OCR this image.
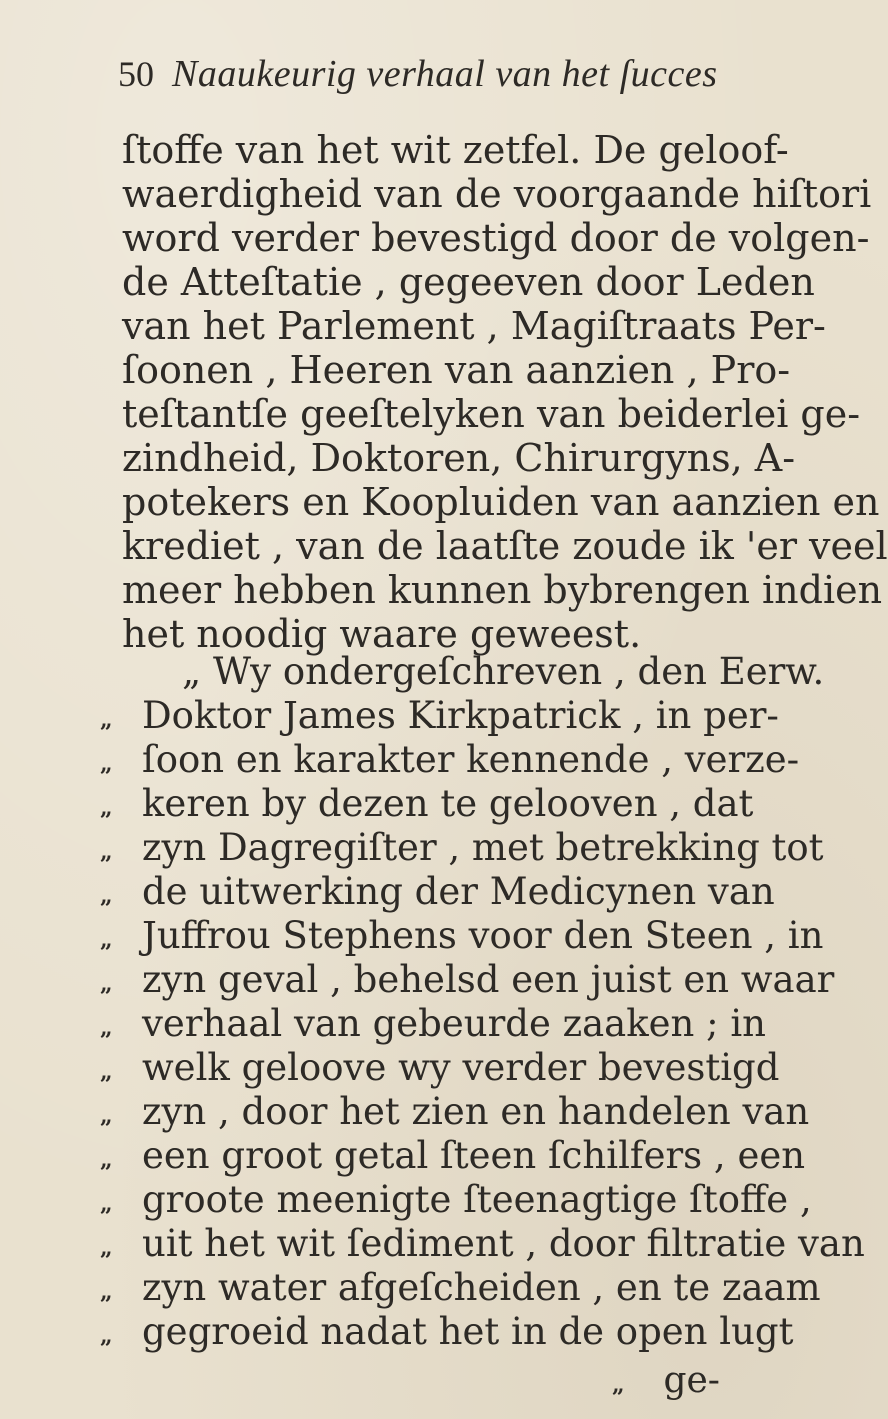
50 Naaukeurig verhaal van het ſucces
ſtoffe van het wit zetfel. De geloof-
waerdigheid van de voorgaande hiſtori
word verder bevestigd door de volgen-
de Atteſtatie , gegeeven door Leden
van het Parlement , Magiſtraats Per-
ſoonen , Heeren van aanzien , Pro-
teſtantſe geeſtelyken van beiderlei ge-
zindheid, Doktoren, Chirurgyns, A-
potekers en Koopluiden van aanzien en
krediet , van de laatſte zoude ik 'er veel
meer hebben kunnen bybrengen indien
het noodig waare geweest.
„ Wy ondergeſchreven , den Eerw.
„ Doktor James Kirkpatrick , in per-
„ ſoon en karakter kennende , verze-
„ keren by dezen te gelooven , dat
„ zyn Dagregiſter , met betrekking tot
„ de uitwerking der Medicynen van
„ Juffrou Stephens voor den Steen , in
„ zyn geval , behelsd een juist en waar
„ verhaal van gebeurde zaaken ; in
„ welk geloove wy verder bevestigd
„ zyn , door het zien en handelen van
„ een groot getal ſteen ſchilfers , een
„ groote meenigte ſteenagtige ſtoffe ,
„ uit het wit ſediment , door filtratie van
„ zyn water afgeſcheiden , en te zaam
„ gegroeid nadat het in de open lugt
„ ge-
